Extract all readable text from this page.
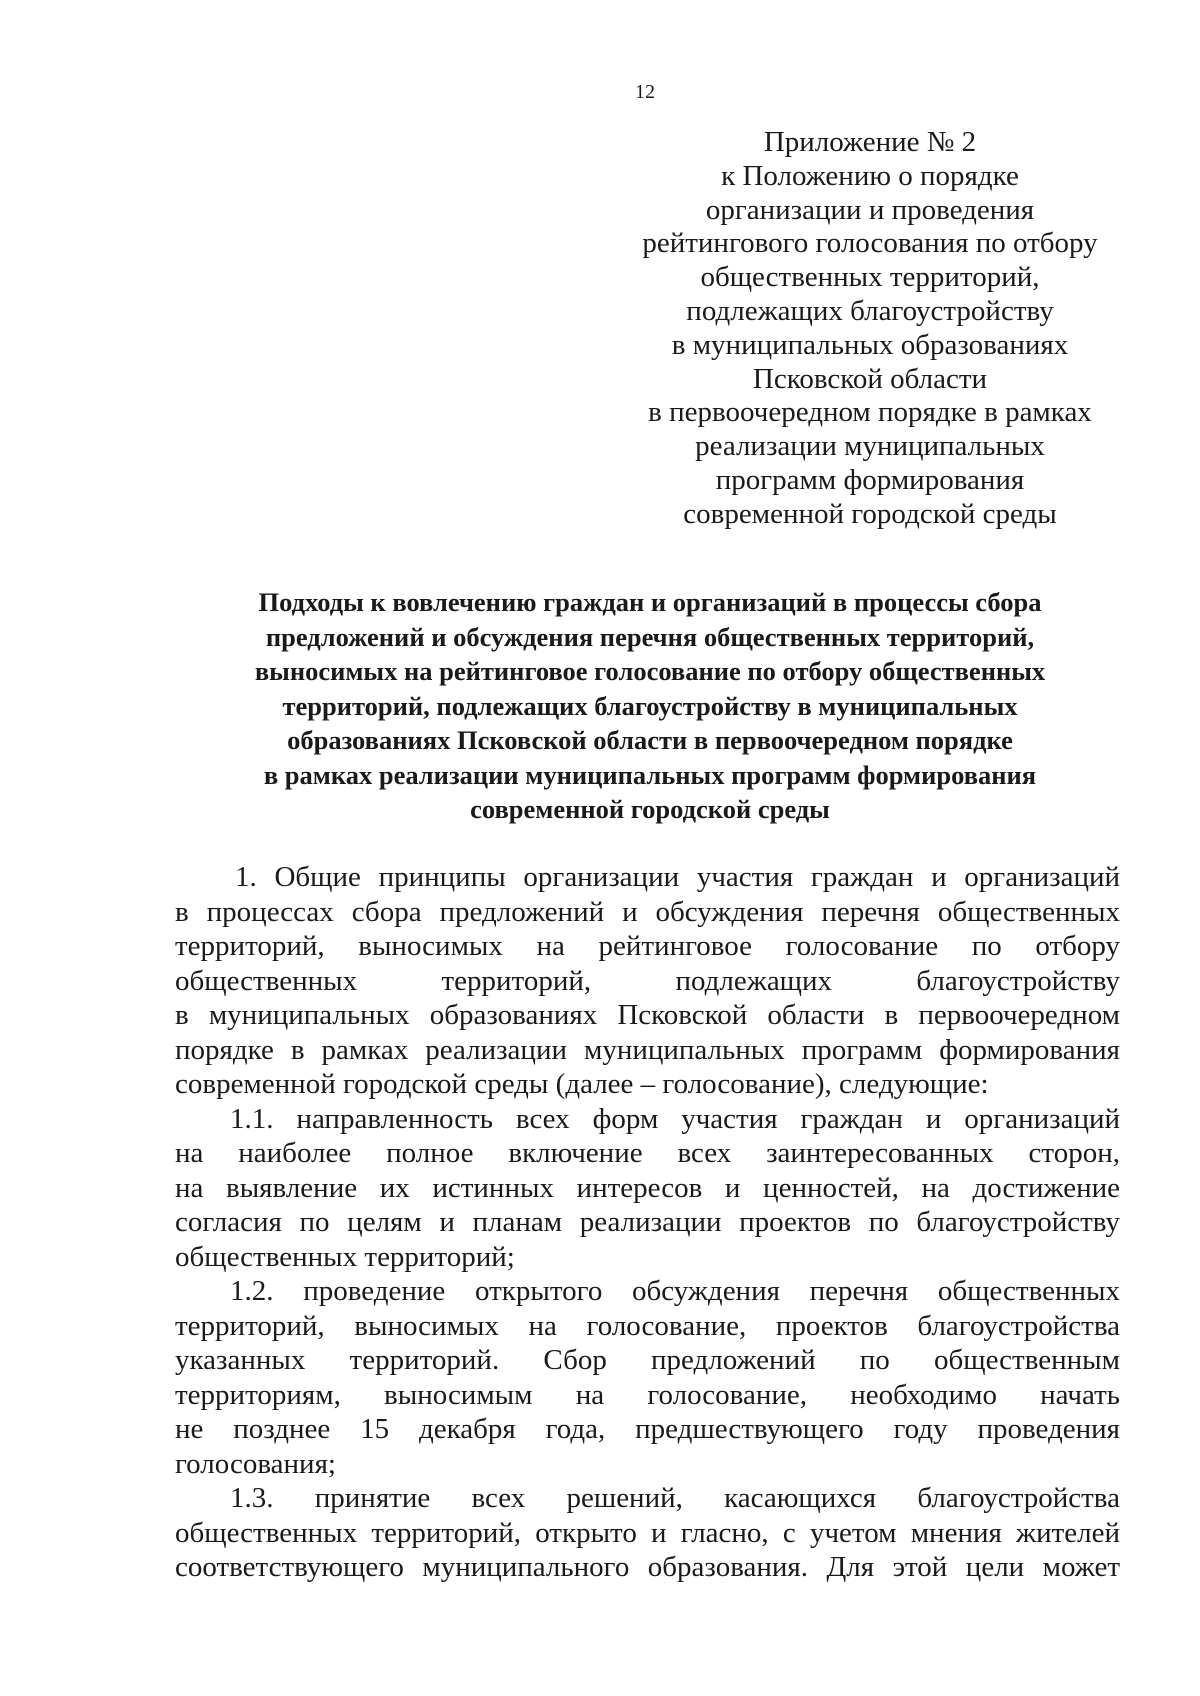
12
Приложение № 2
к Положению о порядке
организации и проведения
рейтингового голосования по отбору
общественных территорий,
подлежащих благоустройству
в муниципальных образованиях
Псковской области
в первоочередном порядке в рамках
реализации муниципальных
программ формирования
современной городской среды
Подходы к вовлечению граждан и организаций в процессы сбора
предложений и обсуждения перечня общественных территорий,
выносимых на рейтинговое голосование по отбору общественных
территорий, подлежащих благоустройству в муниципальных
образованиях Псковской области в первоочередном порядке
в рамках реализации муниципальных программ формирования
современной городской среды
1. Общие принципы организации участия граждан и организаций
в процессах сбора предложений и обсуждения перечня общественных
территорий, выносимых на рейтинговое голосование по отбору
общественных территорий, подлежащих благоустройству
в муниципальных образованиях Псковской области в первоочередном
порядке в рамках реализации муниципальных программ формирования
современной городской среды (далее – голосование), следующие:
1.1. направленность всех форм участия граждан и организаций
на наиболее полное включение всех заинтересованных сторон,
на выявление их истинных интересов и ценностей, на достижение
согласия по целям и планам реализации проектов по благоустройству
общественных территорий;
1.2. проведение открытого обсуждения перечня общественных
территорий, выносимых на голосование, проектов благоустройства
указанных территорий. Сбор предложений по общественным
территориям, выносимым на голосование, необходимо начать
не позднее 15 декабря года, предшествующего году проведения
голосования;
1.3. принятие всех решений, касающихся благоустройства
общественных территорий, открыто и гласно, с учетом мнения жителей
соответствующего муниципального образования. Для этой цели может
